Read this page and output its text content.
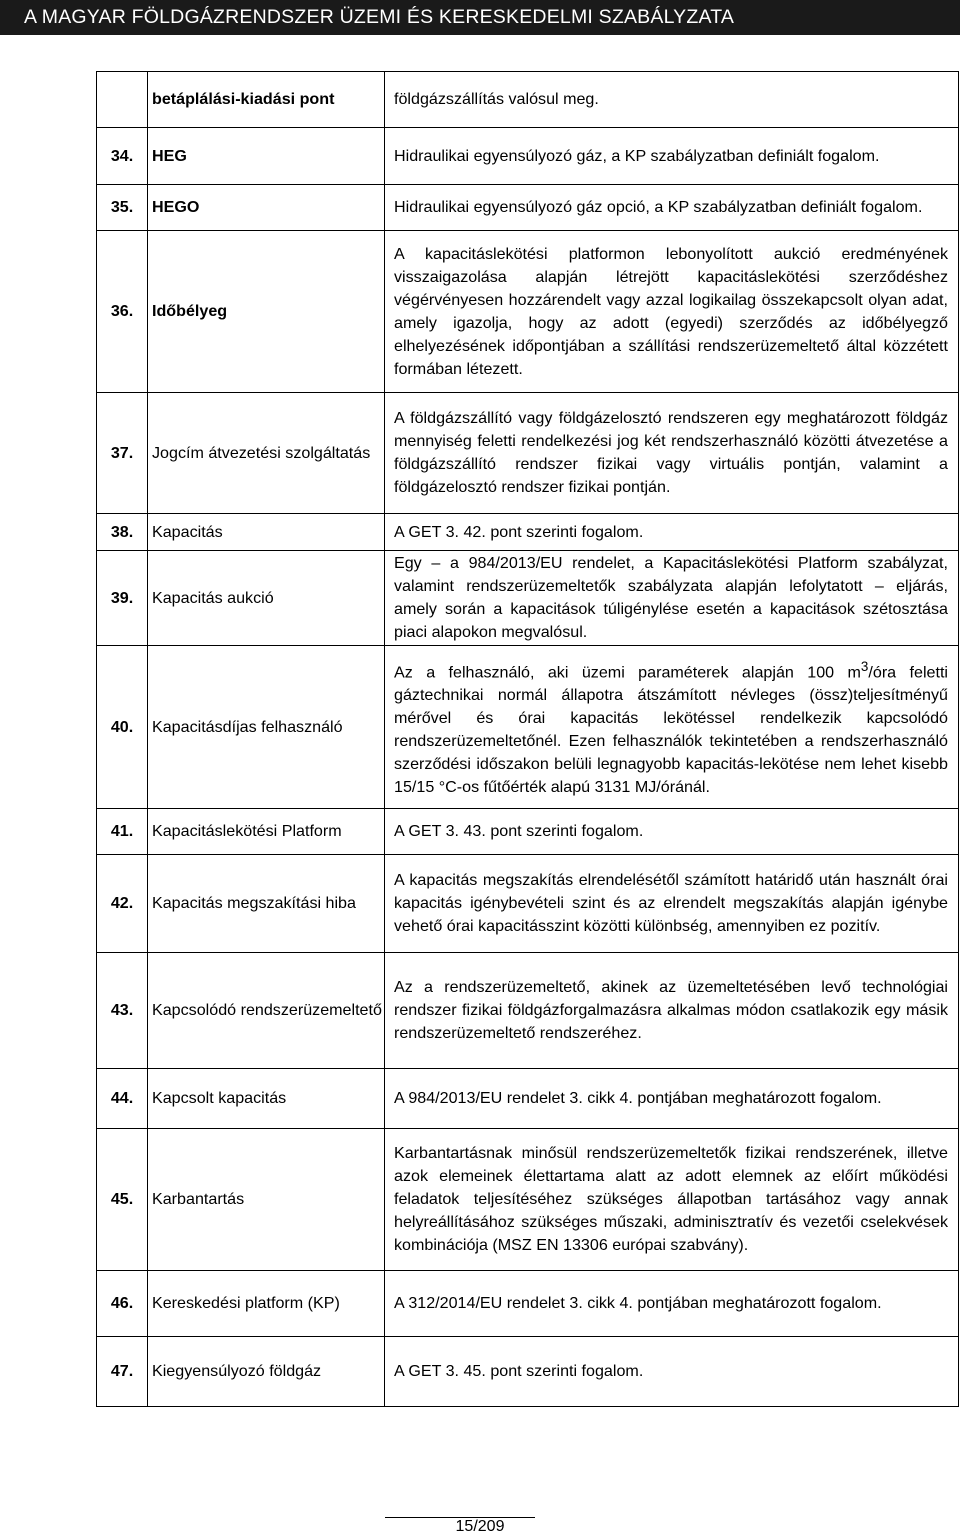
A MAGYAR FÖLDGÁZRENDSZER ÜZEMI ÉS KERESKEDELMI SZABÁLYZATA
	betáplálási-kiadási pont	földgázszállítás valósul meg.
34.	HEG	Hidraulikai egyensúlyozó gáz, a KP szabályzatban definiált fogalom.
35.	HEGO	Hidraulikai egyensúlyozó gáz opció, a KP szabályzatban definiált fogalom.
36.	Időbélyeg	A kapacitáslekötési platformon lebonyolított aukció eredményének visszaigazolása alapján létrejött kapacitáslekötési szerződéshez végérvényesen hozzárendelt vagy azzal logikailag összekapcsolt olyan adat, amely igazolja, hogy az adott (egyedi) szerződés az időbélyegző elhelyezésének időpontjában a szállítási rendszerüzemeltető által közzétett formában létezett.
37.	Jogcím átvezetési szolgáltatás	A földgázszállító vagy földgázelosztó rendszeren egy meghatározott földgáz mennyiség feletti rendelkezési jog két rendszerhasználó közötti átvezetése a földgázszállító rendszer fizikai vagy virtuális pontján, valamint a földgázelosztó rendszer fizikai pontján.
38.	Kapacitás	A GET 3. 42. pont szerinti fogalom.
39.	Kapacitás aukció	Egy – a 984/2013/EU rendelet, a Kapacitáslekötési Platform szabályzat, valamint rendszerüzemeltetők szabályzata alapján lefolytatott – eljárás, amely során a kapacitások túligénylése esetén a kapacitások szétosztása piaci alapokon megvalósul.
40.	Kapacitásdíjas felhasználó	Az a felhasználó, aki üzemi paraméterek alapján 100 $m^3$/óra feletti gáztechnikai normál állapotra átszámított névleges (össz)teljesítményű mérővel és órai kapacitás lekötéssel rendelkezik kapcsolódó rendszerüzemeltetőnél. Ezen felhasználók tekintetében a rendszerhasználó szerződési időszakon belüli legnagyobb kapacitás-lekötése nem lehet kisebb 15/15 °C-os fűtőérték alapú 3131 MJ/óránál.
41.	Kapacitáslekötési Platform	A GET 3. 43. pont szerinti fogalom.
42.	Kapacitás megszakítási hiba	A kapacitás megszakítás elrendelésétől számított határidő után használt órai kapacitás igénybevételi szint és az elrendelt megszakítás alapján igénybe vehető órai kapacitásszint közötti különbség, amennyiben ez pozitív.
43.	Kapcsolódó rendszerüzemeltető	Az a rendszerüzemeltető, akinek az üzemeltetésében levő technológiai rendszer fizikai földgázforgalmazásra alkalmas módon csatlakozik egy másik rendszerüzemeltető rendszeréhez.
44.	Kapcsolt kapacitás	A 984/2013/EU rendelet 3. cikk 4. pontjában meghatározott fogalom.
45.	Karbantartás	Karbantartásnak minősül rendszerüzemeltetők fizikai rendszerének, illetve azok elemeinek élettartama alatt az adott elemnek az előírt működési feladatok teljesítéséhez szükséges állapotban tartásához vagy annak helyreállításához szükséges műszaki, adminisztratív és vezetői cselekvések kombinációja (MSZ EN 13306 európai szabvány).
46.	Kereskedési platform (KP)	A 312/2014/EU rendelet 3. cikk 4. pontjában meghatározott fogalom.
47.	Kiegyensúlyozó földgáz	A GET 3. 45. pont szerinti fogalom.
15/209
